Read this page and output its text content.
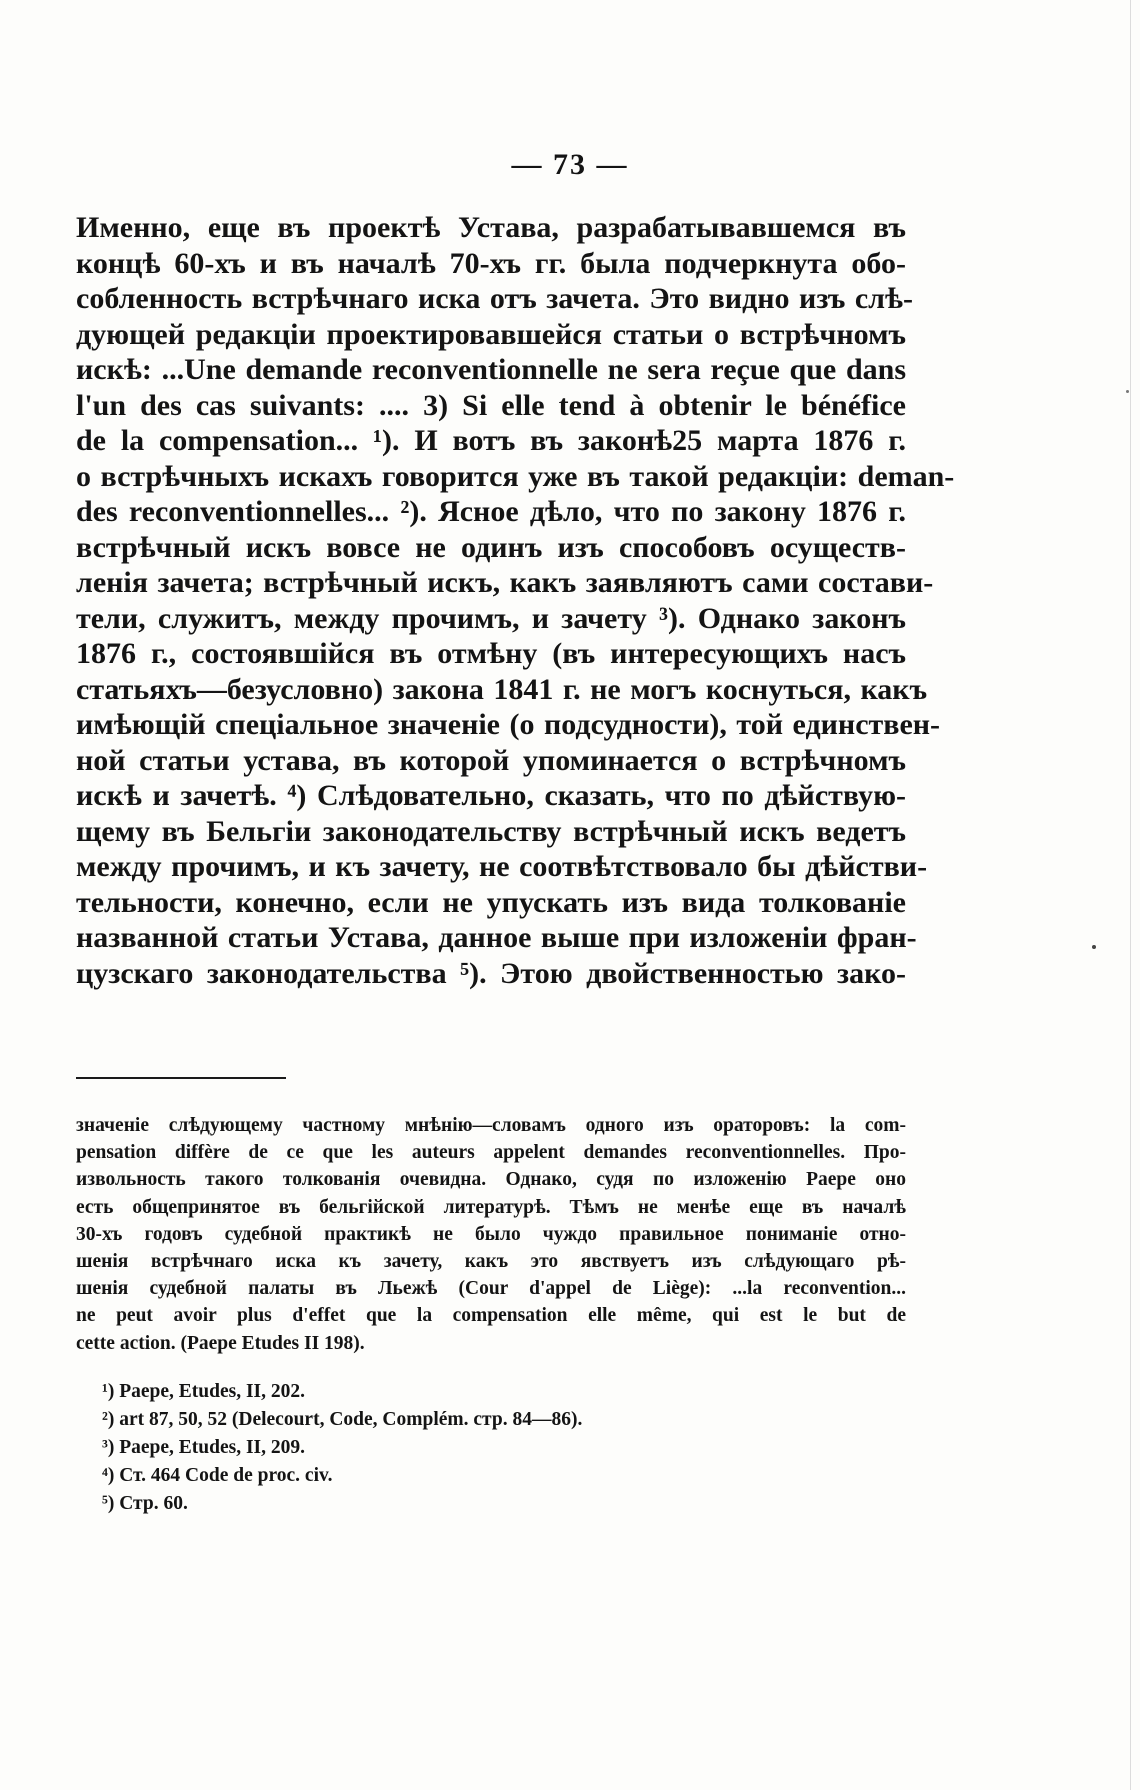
— 73 —
Именно, еще въ проектѣ Устава, разрабатывавшемся въ
концѣ 60-хъ и въ началѣ 70-хъ гг. была подчеркнута обо-
собленность встрѣчнаго иска отъ зачета. Это видно изъ слѣ-
дующей редакціи проектировавшейся статьи о встрѣчномъ
искѣ: ...Une demande reconventionnelle ne sera reçue que dans
l'un des cas suivants: .... 3) Si elle tend à obtenir le bénéfice
de la compensation... ¹). И вотъ въ законѣ25 марта 1876 г.
о встрѣчныхъ искахъ говорится уже въ такой редакціи: deman-
des reconventionnelles... ²). Ясное дѣло, что по закону 1876 г.
встрѣчный искъ вовсе не одинъ изъ способовъ осуществ-
ленія зачета; встрѣчный искъ, какъ заявляютъ сами состави-
тели, служитъ, между прочимъ, и зачету ³). Однако законъ
1876 г., состоявшійся въ отмѣну (въ интересующихъ насъ
статьяхъ—безусловно) закона 1841 г. не могъ коснуться, какъ
имѣющій спеціальное значеніе (о подсудности), той единствен-
ной статьи устава, въ которой упоминается о встрѣчномъ
искѣ и зачетѣ. ⁴) Слѣдовательно, сказать, что по дѣйствую-
щему въ Бельгіи законодательству встрѣчный искъ ведетъ
между прочимъ, и къ зачету, не соотвѣтствовало бы дѣйстви-
тельности, конечно, если не упускать изъ вида толкованіе
названной статьи Устава, данное выше при изложеніи фран-
цузскаго законодательства ⁵). Этою двойственностью зако-
значеніе слѣдующему частному мнѣнію—словамъ одного изъ ораторовъ: la com-
pensation diffère de ce que les auteurs appelent demandes reconventionnelles. Про-
извольность такого толкованія очевидна. Однако, судя по изложенію Paepe оно
есть общепринятое въ бельгійской литературѣ. Тѣмъ не менѣе еще въ началѣ
30-хъ годовъ судебной практикѣ не было чуждо правильное пониманіе отно-
шенія встрѣчнаго иска къ зачету, какъ это явствуетъ изъ слѣдующаго рѣ-
шенія судебной палаты въ Льежѣ (Cour d'appel de Liège): ...la reconvention...
ne peut avoir plus d'effet que la compensation elle même, qui est le but de
cette action. (Paepe Etudes II 198).
¹) Paepe, Etudes, II, 202.
²) art 87, 50, 52 (Delecourt, Code, Complém. стр. 84—86).
³) Paepe, Etudes, II, 209.
⁴) Ст. 464 Code de proc. civ.
⁵) Стр. 60.
